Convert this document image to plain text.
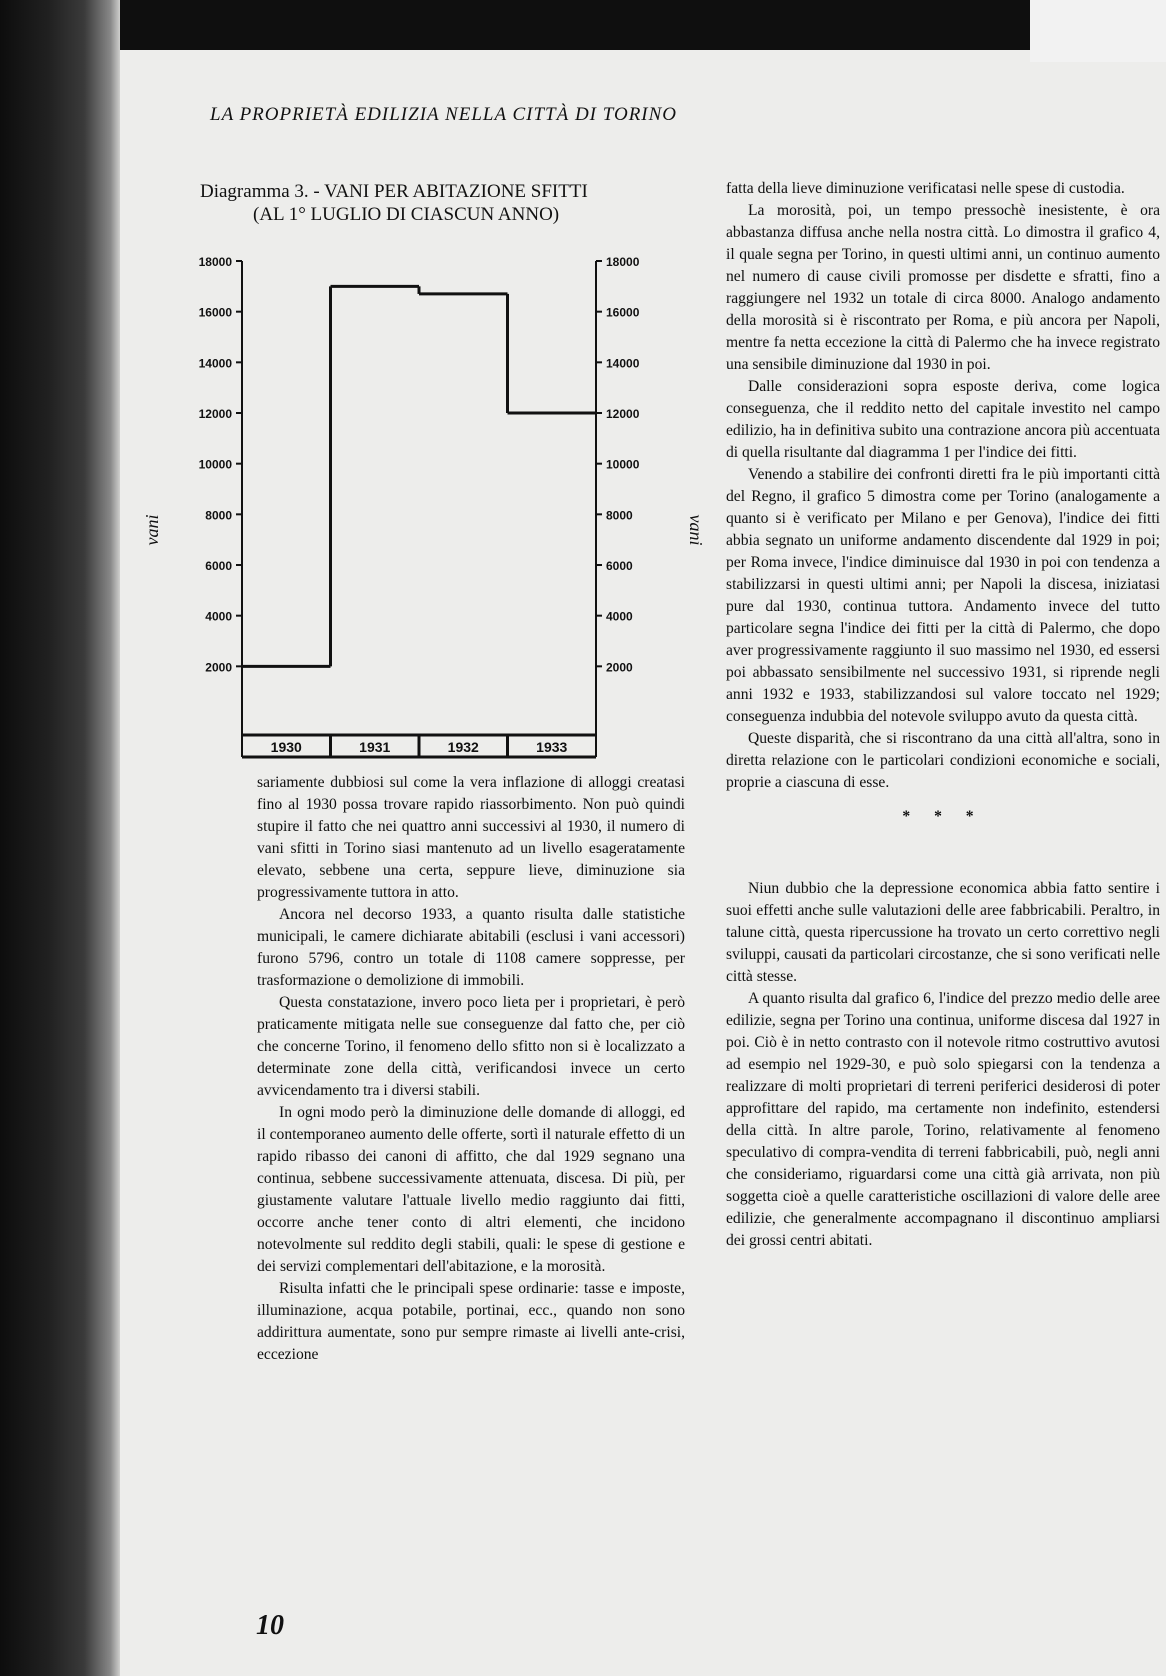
LA PROPRIETÀ EDILIZIA NELLA CITTÀ DI TORINO
Diagramma 3. - VANI PER ABITAZIONE SFITTI
(AL 1° LUGLIO DI CIASCUN ANNO)
18000	18000
16000	16000
14000	14000
12000	12000
10000	10000
8000	8000
6000	6000
4000	4000
2000	2000
1930	1931	1932	1933
vani	vani

sariamente dubbiosi sul come la vera inflazione di alloggi creatasi fino al 1930 possa trovare rapido riassorbimento. Non può quindi stupire il fatto che nei quattro anni successivi al 1930, il numero di vani sfitti in Torino siasi mantenuto ad un livello esageratamente elevato, sebbene una certa, seppure lieve, diminuzione sia progressivamente tuttora in atto.

Ancora nel decorso 1933, a quanto risulta dalle statistiche municipali, le camere dichiarate abitabili (esclusi i vani accessori) furono 5796, contro un totale di 1108 camere soppresse, per trasformazione o demolizione di immobili.

Questa constatazione, invero poco lieta per i proprietari, è però praticamente mitigata nelle sue conseguenze dal fatto che, per ciò che concerne Torino, il fenomeno dello sfitto non si è localizzato a determinate zone della città, verificandosi invece un certo avvicendamento tra i diversi stabili.

In ogni modo però la diminuzione delle domande di alloggi, ed il contemporaneo aumento delle offerte, sortì il naturale effetto di un rapido ribasso dei canoni di affitto, che dal 1929 segnano una continua, sebbene successivamente attenuata, discesa. Di più, per giustamente valutare l'attuale livello medio raggiunto dai fitti, occorre anche tener conto di altri elementi, che incidono notevolmente sul reddito degli stabili, quali: le spese di gestione e dei servizi complementari dell'abitazione, e la morosità.

Risulta infatti che le principali spese ordinarie: tasse e imposte, illuminazione, acqua potabile, portinai, ecc., quando non sono addirittura aumentate, sono pur sempre rimaste ai livelli ante-crisi, eccezione

fatta della lieve diminuzione verificatasi nelle spese di custodia.

La morosità, poi, un tempo pressochè inesistente, è ora abbastanza diffusa anche nella nostra città. Lo dimostra il grafico 4, il quale segna per Torino, in questi ultimi anni, un continuo aumento nel numero di cause civili promosse per disdette e sfratti, fino a raggiungere nel 1932 un totale di circa 8000. Analogo andamento della morosità si è riscontrato per Roma, e più ancora per Napoli, mentre fa netta eccezione la città di Palermo che ha invece registrato una sensibile diminuzione dal 1930 in poi.

Dalle considerazioni sopra esposte deriva, come logica conseguenza, che il reddito netto del capitale investito nel campo edilizio, ha in definitiva subito una contrazione ancora più accentuata di quella risultante dal diagramma 1 per l'indice dei fitti.

Venendo a stabilire dei confronti diretti fra le più importanti città del Regno, il grafico 5 dimostra come per Torino (analogamente a quanto si è verificato per Milano e per Genova), l'indice dei fitti abbia segnato un uniforme andamento discendente dal 1929 in poi; per Roma invece, l'indice diminuisce dal 1930 in poi con tendenza a stabilizzarsi in questi ultimi anni; per Napoli la discesa, iniziatasi pure dal 1930, continua tuttora. Andamento invece del tutto particolare segna l'indice dei fitti per la città di Palermo, che dopo aver progressivamente raggiunto il suo massimo nel 1930, ed essersi poi abbassato sensibilmente nel successivo 1931, si riprende negli anni 1932 e 1933, stabilizzandosi sul valore toccato nel 1929; conseguenza indubbia del notevole sviluppo avuto da questa città.

Queste disparità, che si riscontrano da una città all'altra, sono in diretta relazione con le particolari condizioni economiche e sociali, proprie a ciascuna di esse.

* * *

Niun dubbio che la depressione economica abbia fatto sentire i suoi effetti anche sulle valutazioni delle aree fabbricabili. Peraltro, in talune città, questa ripercussione ha trovato un certo correttivo negli sviluppi, causati da particolari circostanze, che si sono verificati nelle città stesse.

A quanto risulta dal grafico 6, l'indice del prezzo medio delle aree edilizie, segna per Torino una continua, uniforme discesa dal 1927 in poi. Ciò è in netto contrasto con il notevole ritmo costruttivo avutosi ad esempio nel 1929-30, e può solo spiegarsi con la tendenza a realizzare di molti proprietari di terreni periferici desiderosi di poter approfittare del rapido, ma certamente non indefinito, estendersi della città. In altre parole, Torino, relativamente al fenomeno speculativo di compra-vendita di terreni fabbricabili, può, negli anni che consideriamo, riguardarsi come una città già arrivata, non più soggetta cioè a quelle caratteristiche oscillazioni di valore delle aree edilizie, che generalmente accompagnano il discontinuo ampliarsi dei grossi centri abitati.

10
